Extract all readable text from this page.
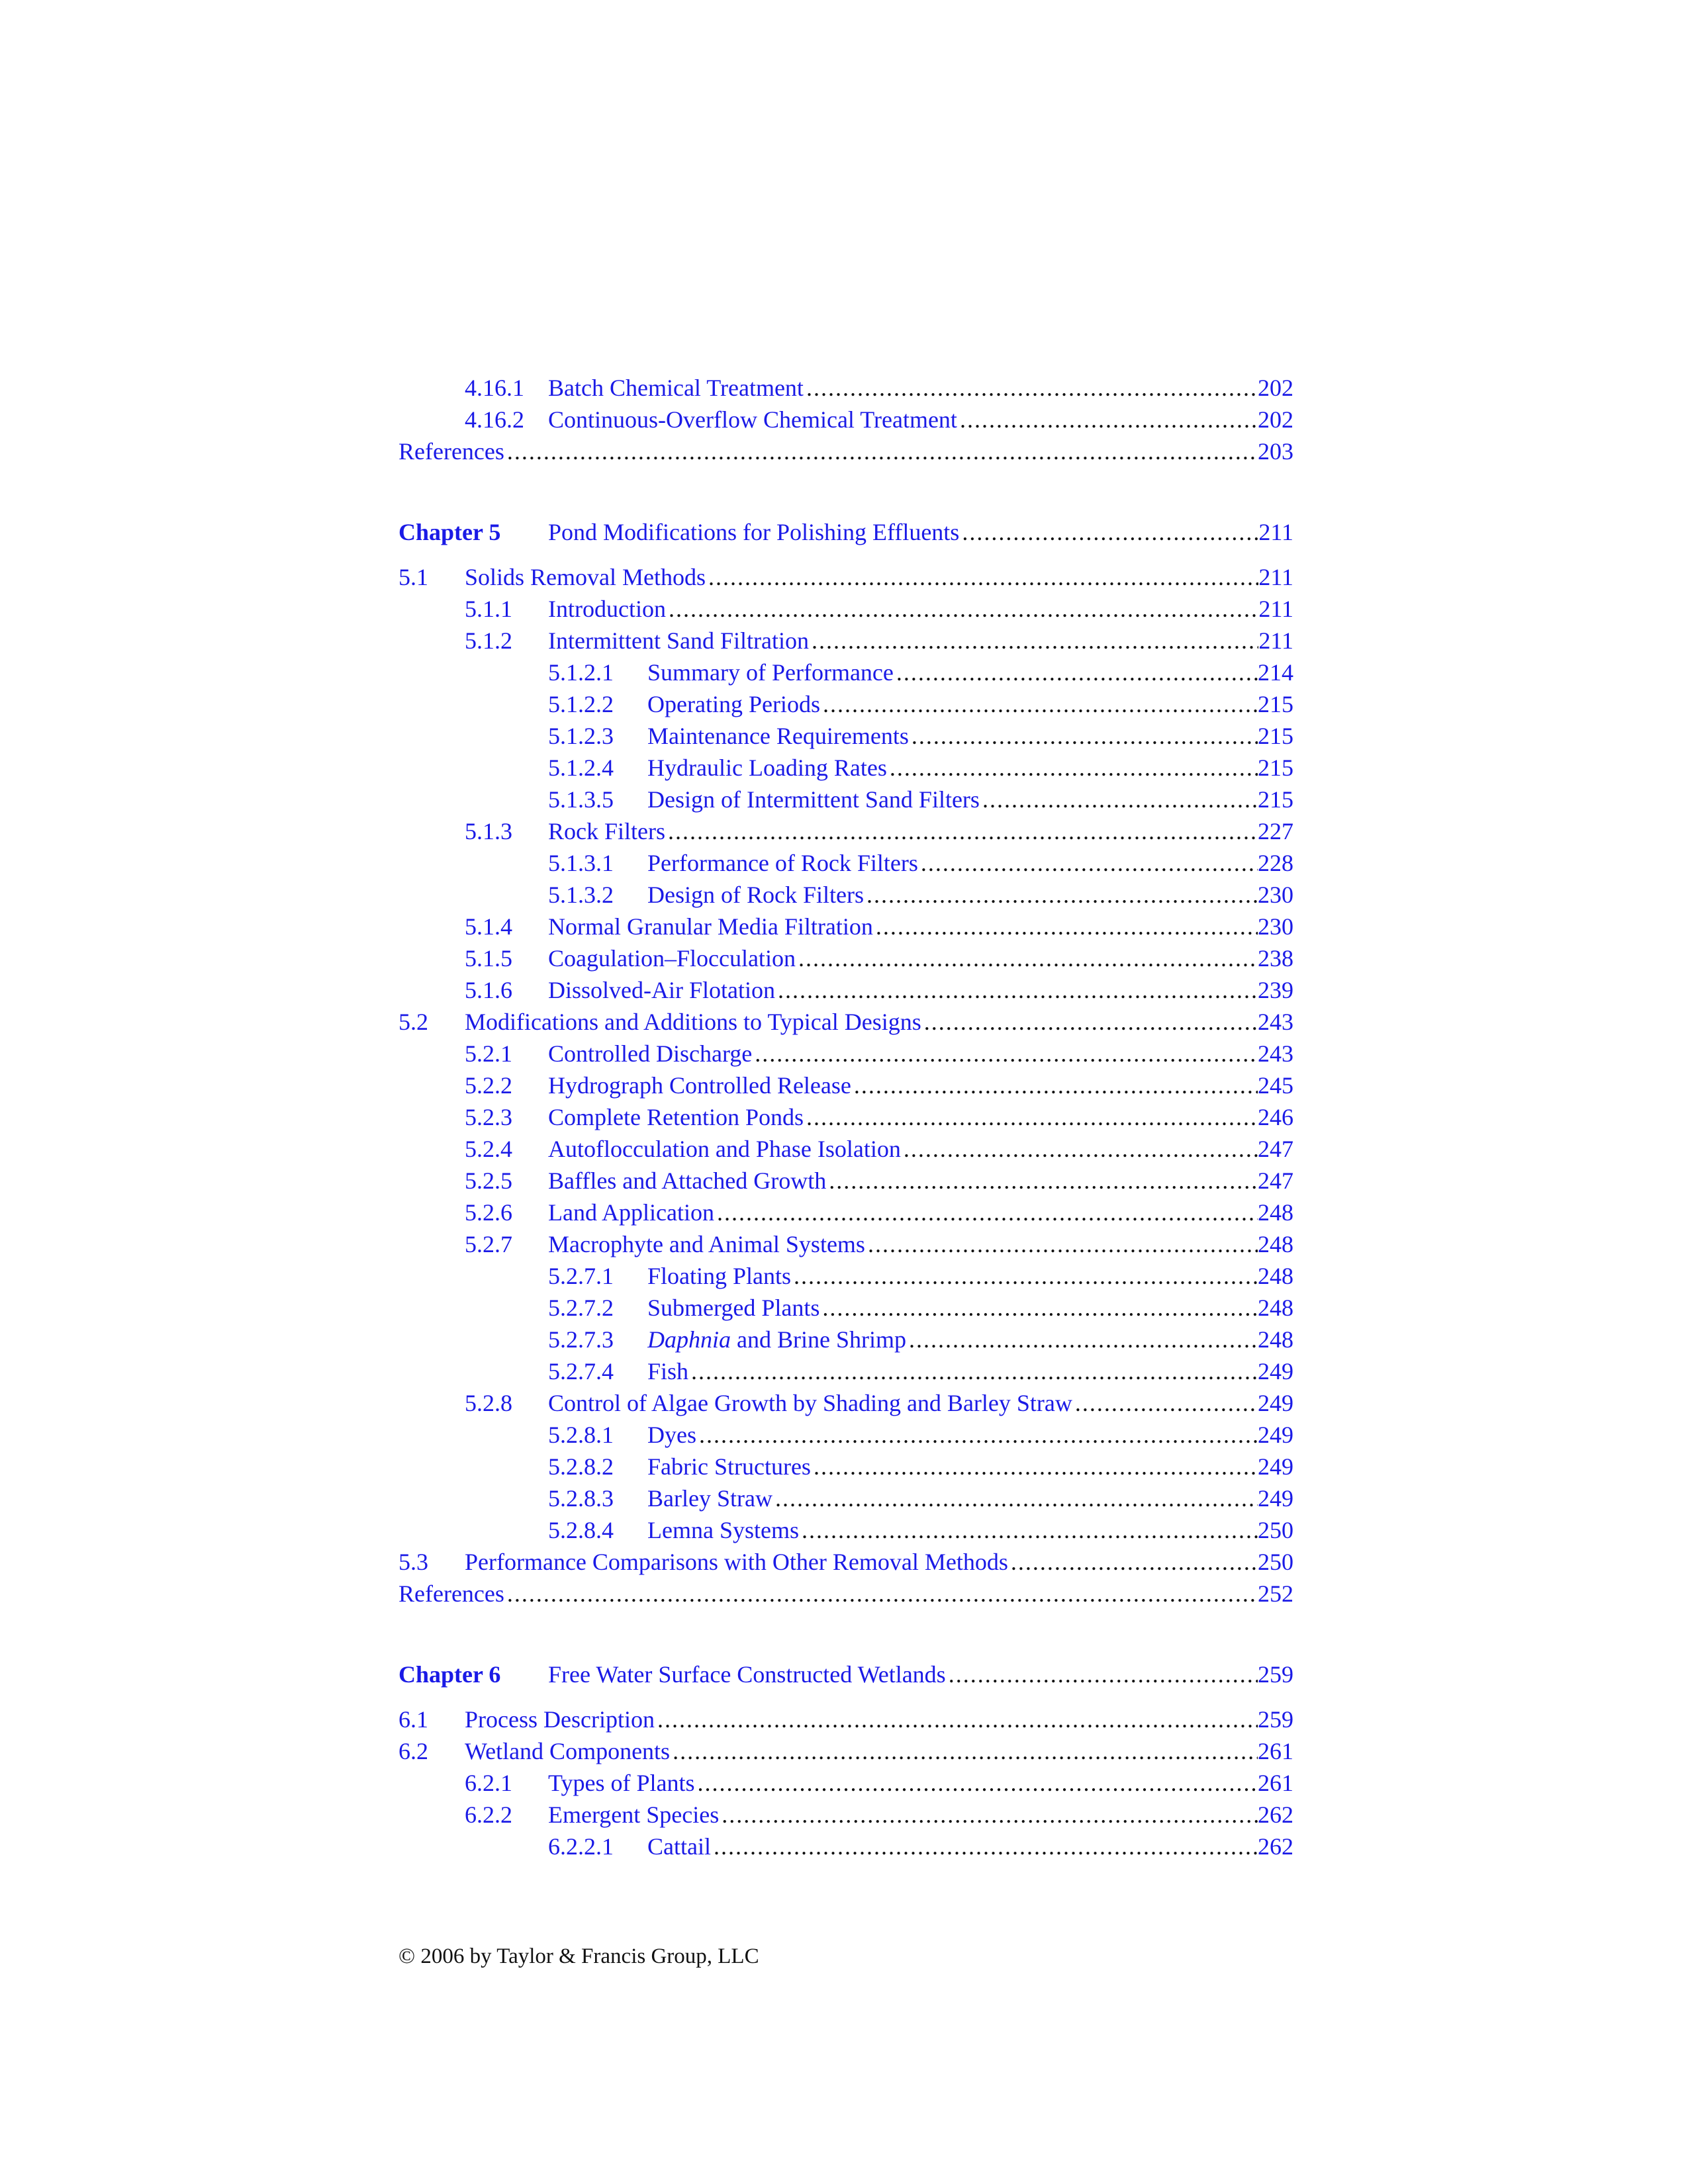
4.16.1 Batch Chemical Treatment .....	202
4.16.2 Continuous-Overflow Chemical Treatment .....	202
References .....	203
Chapter 5 Pond Modifications for Polishing Effluents .....	211
5.1 Solids Removal Methods .....	211
5.1.1 Introduction .....	211
5.1.2 Intermittent Sand Filtration .....	211
5.1.2.1 Summary of Performance .....	214
5.1.2.2 Operating Periods .....	215
5.1.2.3 Maintenance Requirements .....	215
5.1.2.4 Hydraulic Loading Rates .....	215
5.1.3.5 Design of Intermittent Sand Filters .....	215
5.1.3 Rock Filters .....	227
5.1.3.1 Performance of Rock Filters .....	228
5.1.3.2 Design of Rock Filters .....	230
5.1.4 Normal Granular Media Filtration .....	230
5.1.5 Coagulation–Flocculation .....	238
5.1.6 Dissolved-Air Flotation .....	239
5.2 Modifications and Additions to Typical Designs .....	243
5.2.1 Controlled Discharge .....	243
5.2.2 Hydrograph Controlled Release .....	245
5.2.3 Complete Retention Ponds .....	246
5.2.4 Autoflocculation and Phase Isolation .....	247
5.2.5 Baffles and Attached Growth .....	247
5.2.6 Land Application .....	248
5.2.7 Macrophyte and Animal Systems .....	248
5.2.7.1 Floating Plants .....	248
5.2.7.2 Submerged Plants .....	248
5.2.7.3 Daphnia and Brine Shrimp .....	248
5.2.7.4 Fish .....	249
5.2.8 Control of Algae Growth by Shading and Barley Straw .....	249
5.2.8.1 Dyes .....	249
5.2.8.2 Fabric Structures .....	249
5.2.8.3 Barley Straw .....	249
5.2.8.4 Lemna Systems .....	250
5.3 Performance Comparisons with Other Removal Methods .....	250
References .....	252
Chapter 6 Free Water Surface Constructed Wetlands .....	259
6.1 Process Description .....	259
6.2 Wetland Components .....	261
6.2.1 Types of Plants .....	261
6.2.2 Emergent Species .....	262
6.2.2.1 Cattail .....	262
© 2006 by Taylor & Francis Group, LLC
